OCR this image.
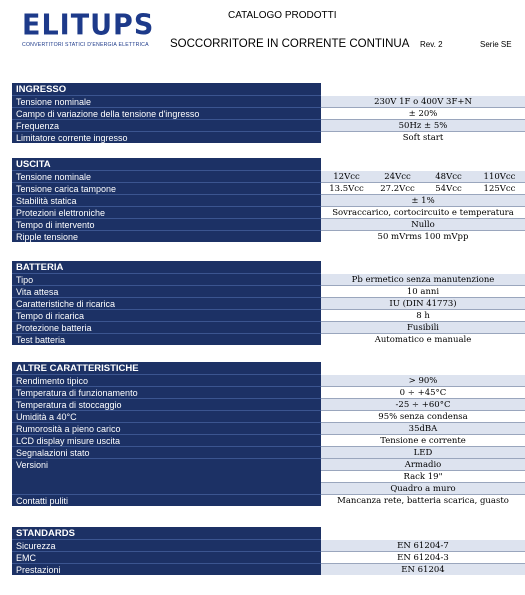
ELITUPS
CONVERTITORI STATICI D'ENERGIA ELETTRICA
CATALOGO PRODOTTI
SOCCORRITORE IN CORRENTE CONTINUA Rev. 2	Serie SE
INGRESSO
Tensione nominale	230V 1F o 400V 3F+N
Campo di variazione della tensione d'ingresso	± 20%
Frequenza	50Hz ± 5%
Limitatore corrente ingresso	Soft start
USCITA
Tensione nominale	12Vcc	24Vcc	48Vcc	110Vcc
Tensione carica tampone	13.5Vcc	27.2Vcc	54Vcc	125Vcc
Stabilità statica	± 1%
Protezioni elettroniche	Sovraccarico, cortocircuito e temperatura
Tempo di intervento	Nullo
Ripple tensione	50 mVrms 100 mVpp
BATTERIA
Tipo	Pb ermetico senza manutenzione
Vita attesa	10 anni
Caratteristiche di ricarica	IU (DIN 41773)
Tempo di ricarica	8 h
Protezione batteria	Fusibili
Test batteria	Automatico e manuale
ALTRE CARATTERISTICHE
Rendimento tipico	> 90%
Temperatura di funzionamento	0 ÷ +45°C
Temperatura di stoccaggio	-25 ÷ +60°C
Umidità a 40°C	95% senza condensa
Rumorosità a pieno carico	35dBA
LCD display misure uscita	Tensione e corrente
Segnalazioni stato	LED
Versioni	Armadio
Rack 19"
Quadro a muro
Contatti puliti	Mancanza rete, batteria scarica, guasto
STANDARDS
Sicurezza	EN 61204-7
EMC	EN 61204-3
Prestazioni	EN 61204
